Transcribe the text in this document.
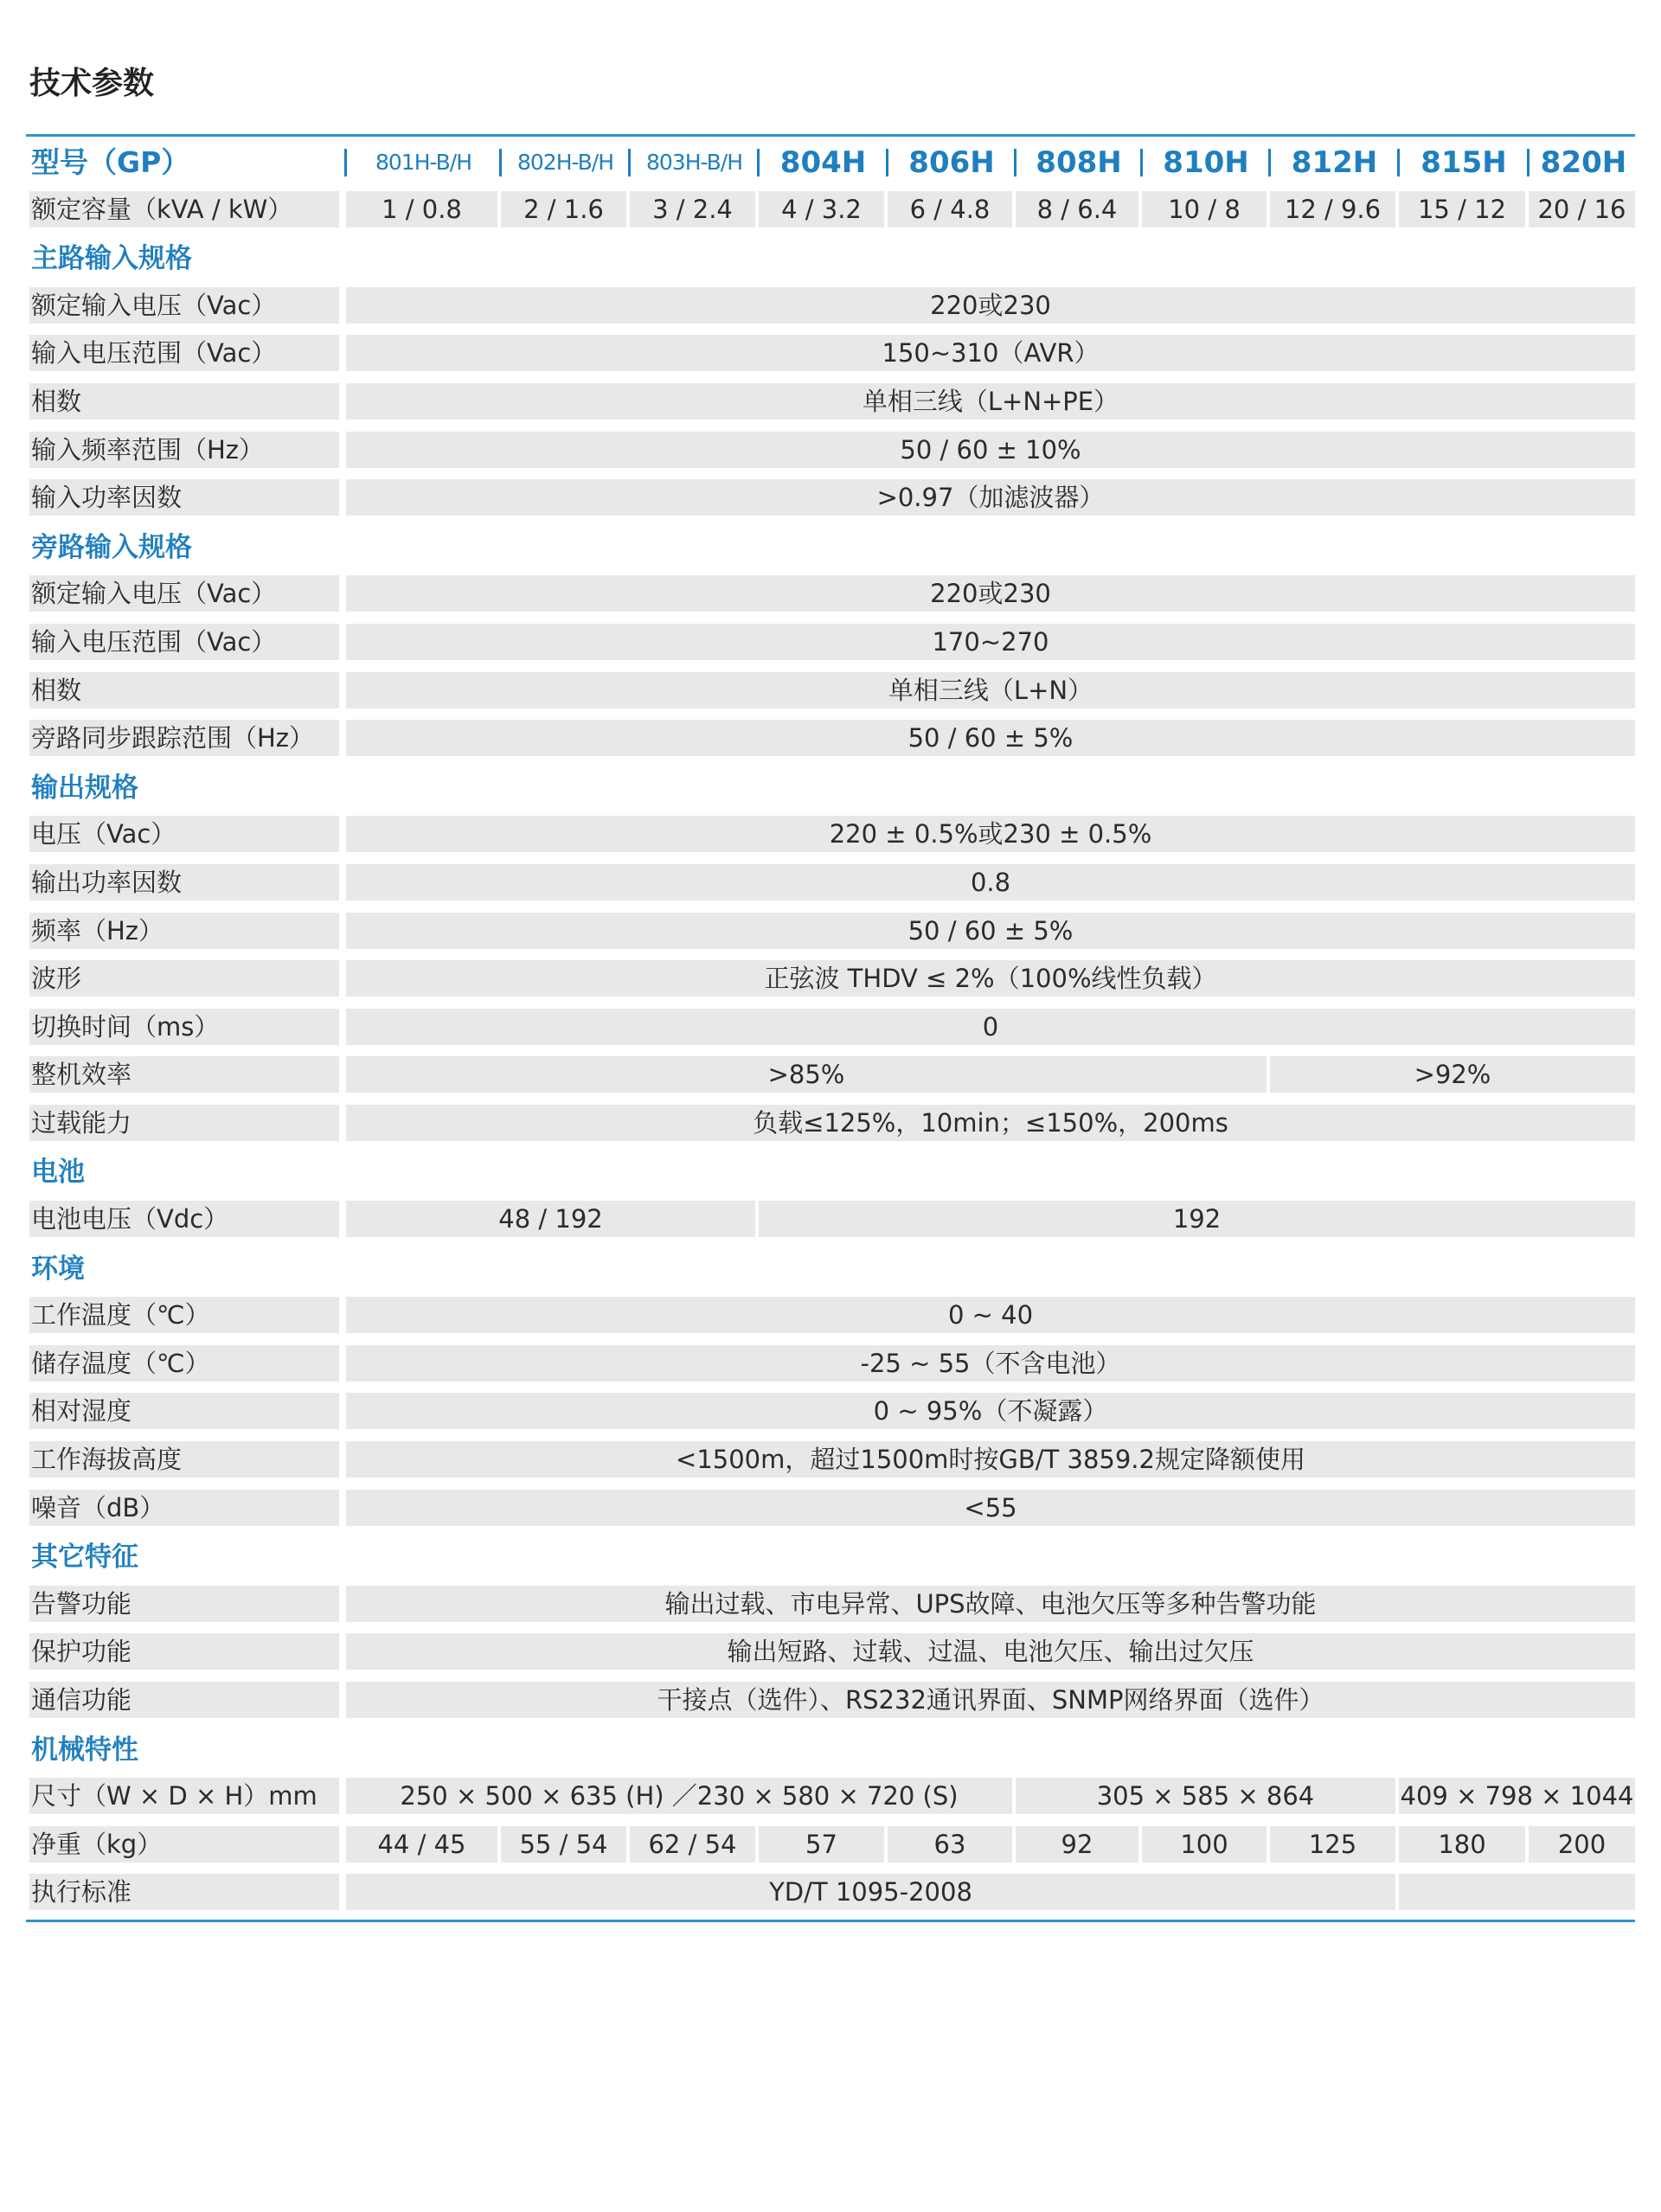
技术参数
型号（GP）	801H-B/H	802H-B/H	803H-B/H	804H	806H	808H	810H	812H	815H	820H
额定容量（kVA / kW）	1 / 0.8	2 / 1.6	3 / 2.4	4 / 3.2	6 / 4.8	8 / 6.4	10 / 8	12 / 9.6	15 / 12	20 / 16
主路输入规格
额定输入电压（Vac）	220或230
输入电压范围（Vac）	150~310（AVR）
相数	单相三线（L+N+PE）
输入频率范围（Hz）	50 / 60 ± 10%
输入功率因数	>0.97（加滤波器）
旁路输入规格
额定输入电压（Vac）	220或230
输入电压范围（Vac）	170~270
相数	单相三线（L+N）
旁路同步跟踪范围（Hz）	50 / 60 ± 5%
输出规格
电压（Vac）	220 ± 0.5%或230 ± 0.5%
输出功率因数	0.8
频率（Hz）	50 / 60 ± 5%
波形	正弦波 THDV ≤ 2%（100%线性负载）
切换时间（ms）	0
整机效率	>85%	>92%
过载能力	负载≤125%，10min；≤150%，200ms
电池
电池电压（Vdc）	48 / 192	192
环境
工作温度（℃）	0 ~ 40
储存温度（℃）	-25 ~ 55（不含电池）
相对湿度	0 ~ 95%（不凝露）
工作海拔高度	<1500m，超过1500m时按GB/T 3859.2规定降额使用
噪音（dB）	<55
其它特征
告警功能	输出过载、市电异常、UPS故障、电池欠压等多种告警功能
保护功能	输出短路、过载、过温、电池欠压、输出过欠压
通信功能	干接点（选件）、RS232通讯界面、SNMP网络界面（选件）
机械特性
尺寸（W × D × H）mm	250 × 500 × 635 (H) ／230 × 580 × 720 (S)	305 × 585 × 864	409 × 798 × 1044
净重（kg）	44 / 45	55 / 54	62 / 54	57	63	92	100	125	180	200
执行标准	YD/T 1095-2008
